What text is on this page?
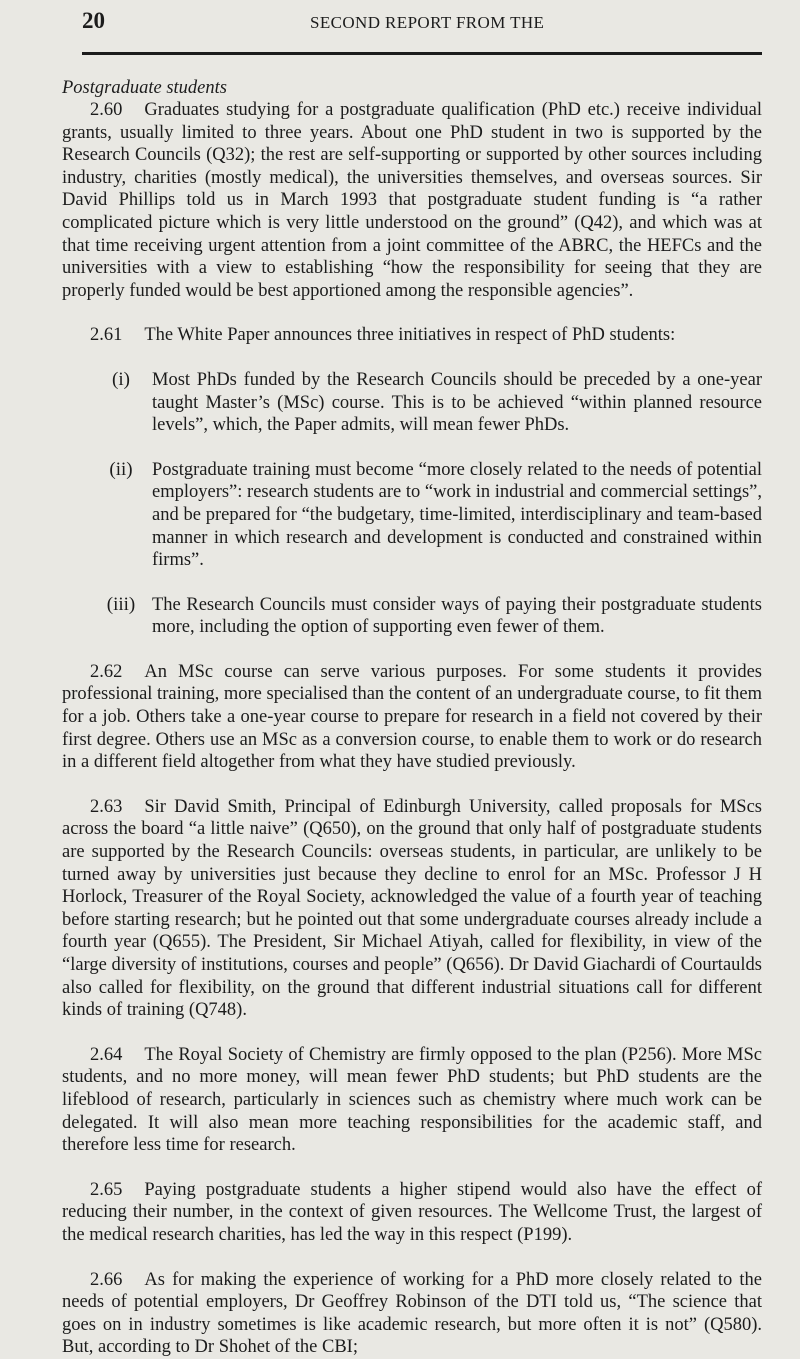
20	SECOND REPORT FROM THE
Postgraduate students

2.60 Graduates studying for a postgraduate qualification (PhD etc.) receive individual grants, usually limited to three years. About one PhD student in two is supported by the Research Councils (Q32); the rest are self-supporting or supported by other sources including industry, charities (mostly medical), the universities themselves, and overseas sources. Sir David Phillips told us in March 1993 that postgraduate student funding is “a rather complicated picture which is very little understood on the ground” (Q42), and which was at that time receiving urgent attention from a joint committee of the ABRC, the HEFCs and the universities with a view to establishing “how the responsibility for seeing that they are properly funded would be best apportioned among the responsible agencies”.

2.61 The White Paper announces three initiatives in respect of PhD students:

(i)	Most PhDs funded by the Research Councils should be preceded by a one-year taught Master’s (MSc) course. This is to be achieved “within planned resource levels”, which, the Paper admits, will mean fewer PhDs.

(ii)	Postgraduate training must become “more closely related to the needs of potential employers”: research students are to “work in industrial and commercial settings”, and be prepared for “the budgetary, time-limited, interdisciplinary and team-based manner in which research and development is conducted and constrained within firms”.

(iii) The Research Councils must consider ways of paying their postgraduate students more, including the option of supporting even fewer of them.

2.62 An MSc course can serve various purposes. For some students it provides professional training, more specialised than the content of an undergraduate course, to fit them for a job. Others take a one-year course to prepare for research in a field not covered by their first degree. Others use an MSc as a conversion course, to enable them to work or do research in a different field altogether from what they have studied previously.

2.63 Sir David Smith, Principal of Edinburgh University, called proposals for MScs across the board “a little naive” (Q650), on the ground that only half of postgraduate students are supported by the Research Councils: overseas students, in particular, are unlikely to be turned away by universities just because they decline to enrol for an MSc. Professor J H Horlock, Treasurer of the Royal Society, acknowledged the value of a fourth year of teaching before starting research; but he pointed out that some undergraduate courses already include a fourth year (Q655). The President, Sir Michael Atiyah, called for flexibility, in view of the “large diversity of institutions, courses and people” (Q656). Dr David Giachardi of Courtaulds also called for flexibility, on the ground that different industrial situations call for different kinds of training (Q748).

2.64 The Royal Society of Chemistry are firmly opposed to the plan (P256). More MSc students, and no more money, will mean fewer PhD students; but PhD students are the lifeblood of research, particularly in sciences such as chemistry where much work can be delegated. It will also mean more teaching responsibilities for the academic staff, and therefore less time for research.

2.65 Paying postgraduate students a higher stipend would also have the effect of reducing their number, in the context of given resources. The Wellcome Trust, the largest of the medical research charities, has led the way in this respect (P199).

2.66 As for making the experience of working for a PhD more closely related to the needs of potential employers, Dr Geoffrey Robinson of the DTI told us, “The science that goes on in industry sometimes is like academic research, but more often it is not” (Q580). But, according to Dr Shohet of the CBI;
